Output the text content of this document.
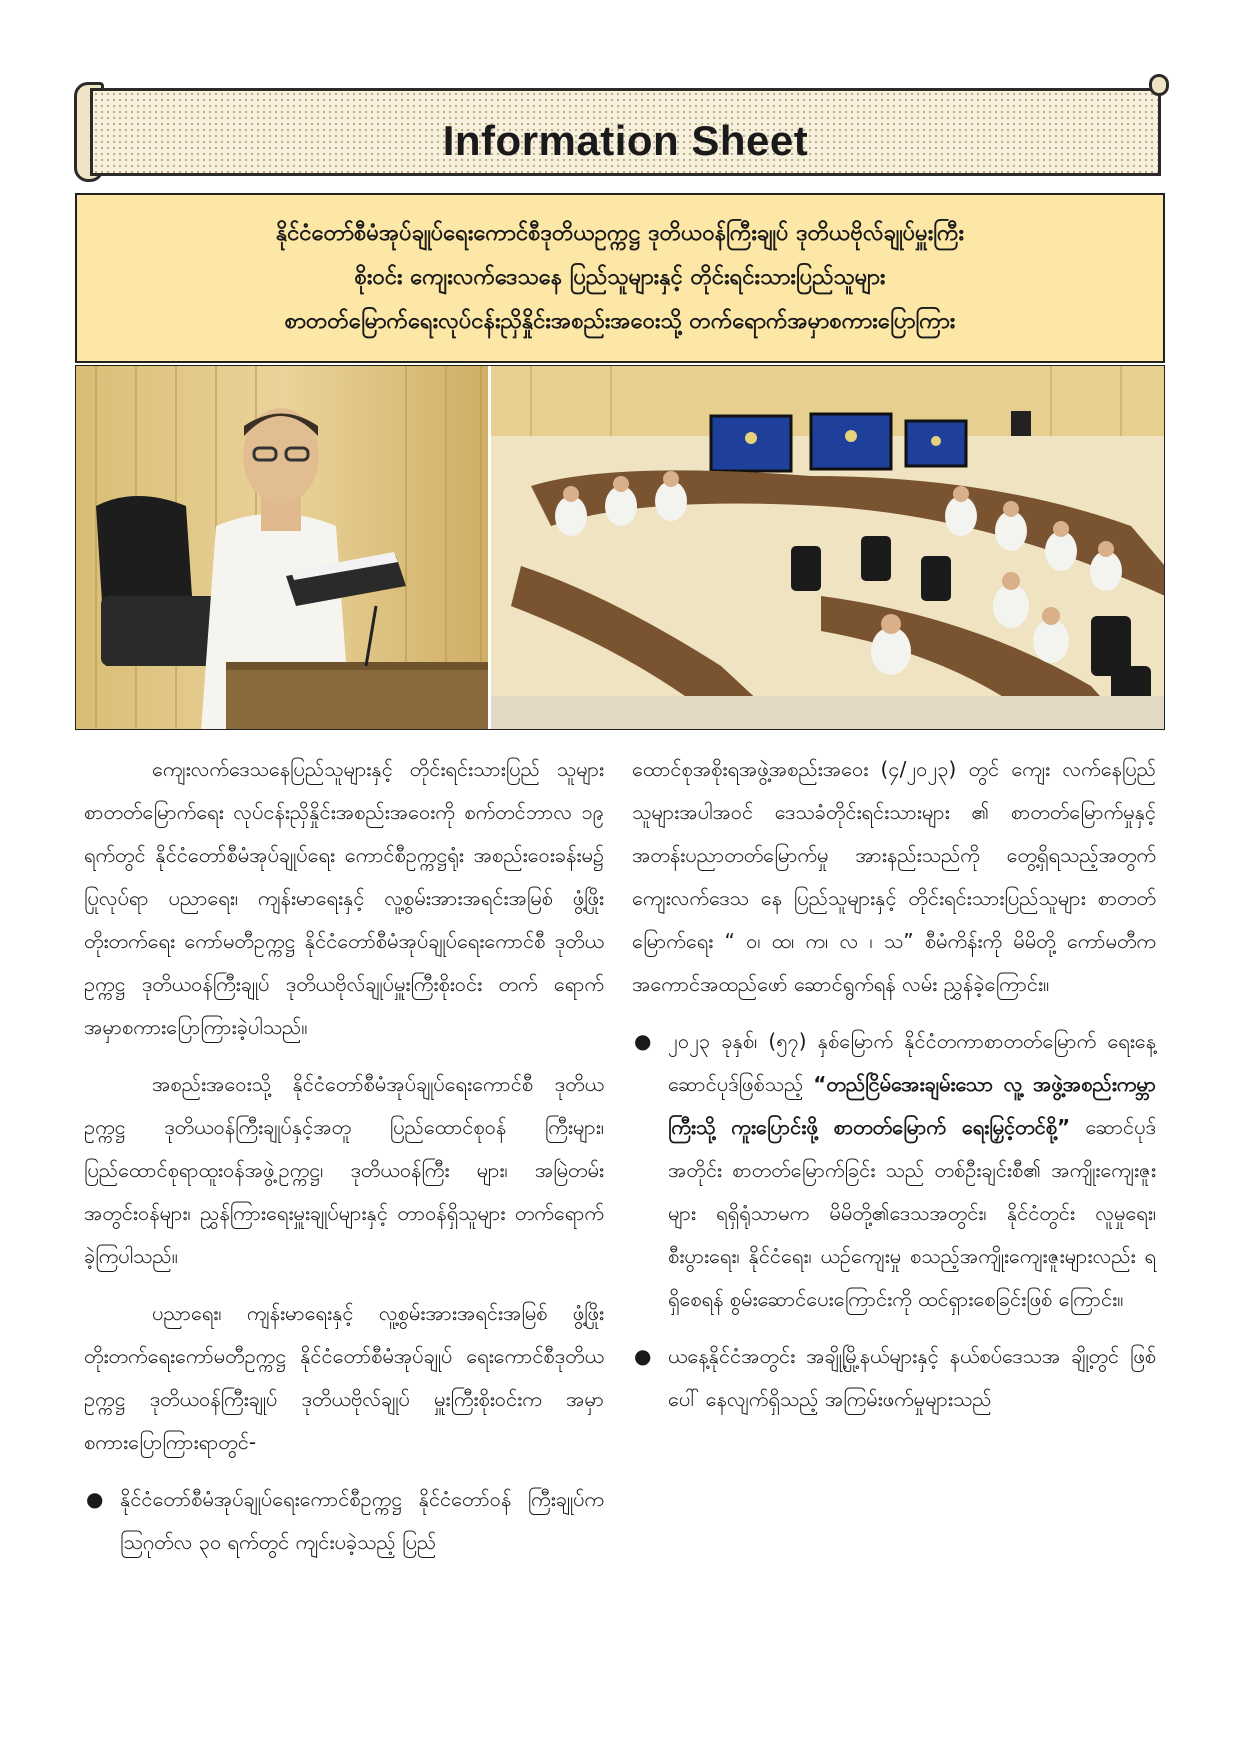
Information Sheet

နိုင်ငံတော်စီမံအုပ်ချုပ်ရေးကောင်စီဒုတိယဥက္ကဋ္ဌ ဒုတိယဝန်ကြီးချုပ် ဒုတိယဗိုလ်ချုပ်မှူးကြီး

စိုးဝင်း ကျေးလက်ဒေသနေ ပြည်သူများနှင့် တိုင်းရင်းသားပြည်သူများ

စာတတ်မြောက်ရေးလုပ်ငန်းညှိနှိုင်းအစည်းအဝေးသို့ တက်ရောက်အမှာစကားပြောကြား

ကျေးလက်ဒေသနေပြည်သူများနှင့် တိုင်းရင်းသားပြည် သူများစာတတ်မြောက်ရေး လုပ်ငန်းညှိနှိုင်းအစည်းအဝေးကို စက်တင်ဘာလ ၁၉ ရက်တွင် နိုင်ငံတော်စီမံအုပ်ချုပ်ရေး ကောင်စီဥက္ကဋ္ဌရုံး အစည်းဝေးခန်းမ၌ ပြုလုပ်ရာ ပညာရေး၊ ကျန်းမာရေးနှင့် လူ့စွမ်းအားအရင်းအမြစ် ဖွံ့ဖြိုးတိုးတက်ရေး ကော်မတီဥက္ကဋ္ဌ နိုင်ငံတော်စီမံအုပ်ချုပ်ရေးကောင်စီ ဒုတိယ ဥက္ကဋ္ဌ ဒုတိယဝန်ကြီးချုပ် ဒုတိယဗိုလ်ချုပ်မှူးကြီးစိုးဝင်း တက် ရောက် အမှာစကားပြောကြားခဲ့ပါသည်။

အစည်းအဝေးသို့ နိုင်ငံတော်စီမံအုပ်ချုပ်ရေးကောင်စီ ဒုတိယဥက္ကဋ္ဌ ဒုတိယဝန်ကြီးချုပ်နှင့်အတူ ပြည်ထောင်စုဝန် ကြီးများ၊ ပြည်ထောင်စုရာထူးဝန်အဖွဲ့ဥက္ကဋ္ဌ၊ ဒုတိယဝန်ကြီး များ၊ အမြဲတမ်းအတွင်းဝန်များ၊ ညွှန်ကြားရေးမှူးချုပ်များနှင့် တာဝန်ရှိသူများ တက်ရောက်ခဲ့ကြပါသည်။

ပညာရေး၊ ကျန်းမာရေးနှင့် လူ့စွမ်းအားအရင်းအမြစ် ဖွံ့ဖြိုးတိုးတက်ရေးကော်မတီဥက္ကဋ္ဌ နိုင်ငံတော်စီမံအုပ်ချုပ် ရေးကောင်စီဒုတိယဥက္ကဋ္ဌ ဒုတိယဝန်ကြီးချုပ် ဒုတိယဗိုလ်ချုပ် မှူးကြီးစိုးဝင်းက အမှာစကားပြောကြားရာတွင်-

● နိုင်ငံတော်စီမံအုပ်ချုပ်ရေးကောင်စီဥက္ကဋ္ဌ နိုင်ငံတော်ဝန် ကြီးချုပ်က ဩဂုတ်လ ၃၀ ရက်တွင် ကျင်းပခဲ့သည့် ပြည်

ထောင်စုအစိုးရအဖွဲ့အစည်းအဝေး (၄/၂၀၂၃) တွင် ကျေး လက်နေပြည်သူများအပါအဝင် ဒေသခံတိုင်းရင်းသားများ ၏ စာတတ်မြောက်မှုနှင့် အတန်းပညာတတ်မြောက်မှု အားနည်းသည်ကို တွေ့ရှိရသည့်အတွက် ကျေးလက်ဒေသ နေ ပြည်သူများနှင့် တိုင်းရင်းသားပြည်သူများ စာတတ် မြောက်ရေး “ ဝ၊ ထ၊ က၊ လ ၊ သ” စီမံကိန်းကို မိမိတို့ ကော်မတီက အကောင်အထည်ဖော် ဆောင်ရွက်ရန် လမ်း ညွှန်ခဲ့ကြောင်း။

● ၂၀၂၃ ခုနှစ်၊ (၅၇) နှစ်မြောက် နိုင်ငံတကာစာတတ်မြောက် ရေးနေ့ ဆောင်ပုဒ်ဖြစ်သည့် “တည်ငြိမ်အေးချမ်းသော လူ့ အဖွဲ့အစည်းကမ္ဘာကြီးသို့ ကူးပြောင်းဖို့ စာတတ်မြောက် ရေးမြှင့်တင်စို့” ဆောင်ပုဒ်အတိုင်း စာတတ်မြောက်ခြင်း သည် တစ်ဦးချင်းစီ၏ အကျိုးကျေးဇူးများ ရရှိရုံသာမက မိမိတို့၏ဒေသအတွင်း၊ နိုင်ငံတွင်း လူမှုရေး၊ စီးပွားရေး၊ နိုင်ငံရေး၊ ယဉ်ကျေးမှု စသည့်အကျိုးကျေးဇူးများလည်း ရ ရှိစေရန် စွမ်းဆောင်ပေးကြောင်းကို ထင်ရှားစေခြင်းဖြစ် ကြောင်း။
● ယနေ့နိုင်ငံအတွင်း အချို့မြို့နယ်များနှင့် နယ်စပ်ဒေသအ ချို့တွင် ဖြစ်ပေါ် နေလျက်ရှိသည့် အကြမ်းဖက်မှုများသည်
